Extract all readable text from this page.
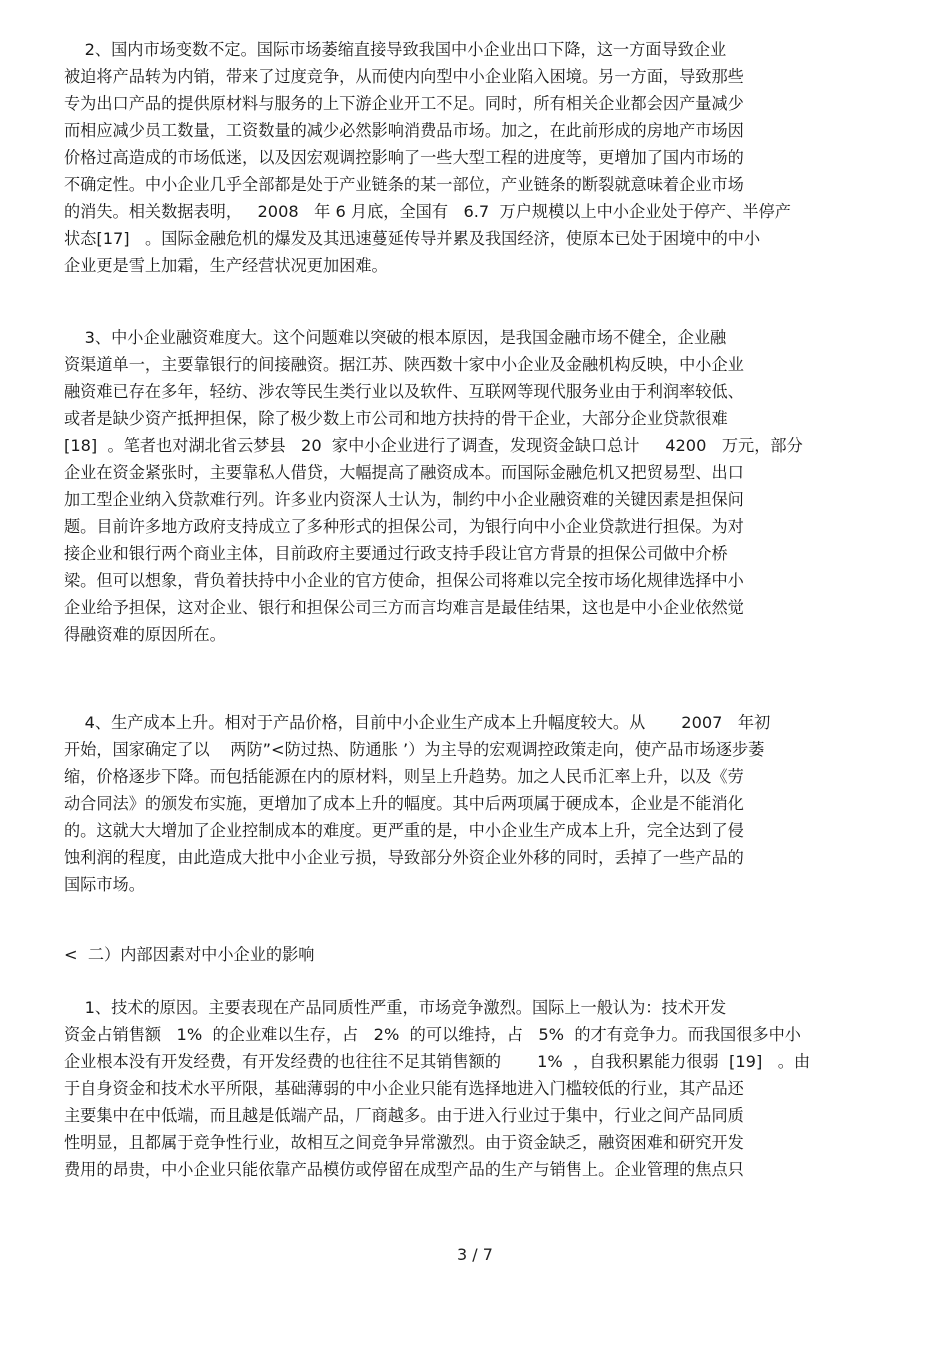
2、国内市场变数不定。国际市场萎缩直接导致我国中小企业出口下降，这一方面导致企业
被迫将产品转为内销，带来了过度竞争，从而使内向型中小企业陷入困境。另一方面，导致那些
专为出口产品的提供原材料与服务的上下游企业开工不足。同时，所有相关企业都会因产量减少
而相应减少员工数量，工资数量的减少必然影响消费品市场。加之，在此前形成的房地产市场因
价格过高造成的市场低迷，以及因宏观调控影响了一些大型工程的进度等，更增加了国内市场的
不确定性。中小企业几乎全部都是处于产业链条的某一部位，产业链条的断裂就意味着企业市场
的消失。相关数据表明，   2008   年 6 月底，全国有   6.7  万户规模以上中小企业处于停产、半停产
状态[17]   。国际金融危机的爆发及其迅速蔓延传导并累及我国经济，使原本已处于困境中的中小
企业更是雪上加霜，生产经营状况更加困难。
3、中小企业融资难度大。这个问题难以突破的根本原因，是我国金融市场不健全，企业融
资渠道单一，主要靠银行的间接融资。据江苏、陕西数十家中小企业及金融机构反映，中小企业
融资难已存在多年，轻纺、涉农等民生类行业以及软件、互联网等现代服务业由于利润率较低、
或者是缺少资产抵押担保，除了极少数上市公司和地方扶持的骨干企业，大部分企业贷款很难
[18]  。笔者也对湖北省云梦县   20  家中小企业进行了调查，发现资金缺口总计     4200   万元，部分
企业在资金紧张时，主要靠私人借贷，大幅提高了融资成本。而国际金融危机又把贸易型、出口
加工型企业纳入贷款难行列。许多业内资深人士认为，制约中小企业融资难的关键因素是担保问
题。目前许多地方政府支持成立了多种形式的担保公司，为银行向中小企业贷款进行担保。为对
接企业和银行两个商业主体，目前政府主要通过行政支持手段让官方背景的担保公司做中介桥
梁。但可以想象，背负着扶持中小企业的官方使命，担保公司将难以完全按市场化规律选择中小
企业给予担保，这对企业、银行和担保公司三方而言均难言是最佳结果，这也是中小企业依然觉
得融资难的原因所在。
4、生产成本上升。相对于产品价格，目前中小企业生产成本上升幅度较大。从       2007   年初
开始，国家确定了以    两防”<防过热、防通胀 ’）为主导的宏观调控政策走向，使产品市场逐步萎
缩，价格逐步下降。而包括能源在内的原材料，则呈上升趋势。加之人民币汇率上升，以及《劳
动合同法》的颁发布实施，更增加了成本上升的幅度。其中后两项属于硬成本，企业是不能消化
的。这就大大增加了企业控制成本的难度。更严重的是，中小企业生产成本上升，完全达到了侵
蚀利润的程度，由此造成大批中小企业亏损，导致部分外资企业外移的同时，丢掉了一些产品的
国际市场。
<  二）内部因素对中小企业的影响
1、技术的原因。主要表现在产品同质性严重，市场竞争激烈。国际上一般认为：技术开发
资金占销售额   1%  的企业难以生存，占   2%  的可以维持，占   5%  的才有竞争力。而我国很多中小
企业根本没有开发经费，有开发经费的也往往不足其销售额的       1%  ，自我积累能力很弱  [19]   。由
于自身资金和技术水平所限，基础薄弱的中小企业只能有选择地进入门槛较低的行业，其产品还
主要集中在中低端，而且越是低端产品，厂商越多。由于进入行业过于集中，行业之间产品同质
性明显，且都属于竞争性行业，故相互之间竞争异常激烈。由于资金缺乏，融资困难和研究开发
费用的昂贵，中小企业只能依靠产品模仿或停留在成型产品的生产与销售上。企业管理的焦点只
3 / 7
